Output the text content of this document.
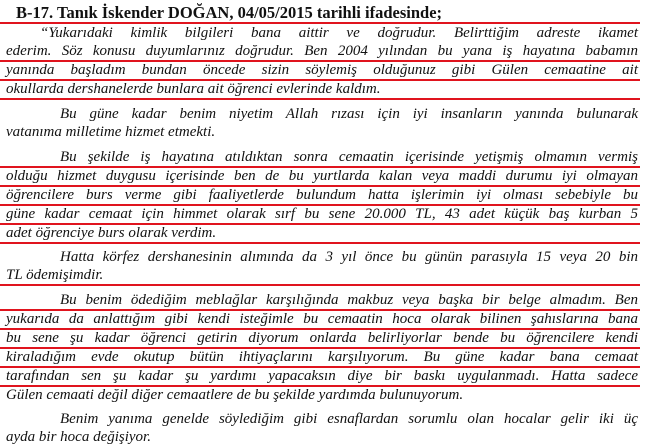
B-17. Tanık İskender DOĞAN, 04/05/2015 tarihli ifadesinde;

“Yukarıdaki kimlik bilgileri bana aittir ve doğrudur. Belirttiğim adreste ikamet

ederim. Söz konusu duyumlarınız doğrudur. Ben 2004 yılından bu yana iş hayatına babamın

yanında başladım bundan öncede sizin söylemiş olduğunuz gibi Gülen cemaatine ait

okullarda dershanelerde bunlara ait öğrenci evlerinde kaldım.

Bu güne kadar benim niyetim Allah rızası için iyi insanların yanında bulunarak

vatanıma milletime hizmet etmekti.

Bu şekilde iş hayatına atıldıktan sonra cemaatin içerisinde yetişmiş olmamın vermiş

olduğu hizmet duygusu içerisinde ben de bu yurtlarda kalan veya maddi durumu iyi olmayan

öğrencilere burs verme gibi faaliyetlerde bulundum hatta işlerimin iyi olması sebebiyle bu

güne kadar cemaat için himmet olarak sırf bu sene 20.000 TL, 43 adet küçük baş kurban 5

adet öğrenciye burs olarak verdim.

Hatta körfez dershanesinin alımında da 3 yıl önce bu günün parasıyla 15 veya 20 bin

TL ödemişimdir.

Bu benim ödediğim meblağlar karşılığında makbuz veya başka bir belge almadım. Ben

yukarıda da anlattığım gibi kendi isteğimle bu cemaatin hoca olarak bilinen şahıslarına bana

bu sene şu kadar öğrenci getirin diyorum onlarda belirliyorlar bende bu öğrencilere kendi

kiraladığım evde okutup bütün ihtiyaçlarını karşılıyorum. Bu güne kadar bana cemaat

tarafından sen şu kadar şu yardımı yapacaksın diye bir baskı uygulanmadı. Hatta sadece

Gülen cemaati değil diğer cemaatlere de bu şekilde yardımda bulunuyorum.

Benim yanıma genelde söylediğim gibi esnaflardan sorumlu olan hocalar gelir iki üç

ayda bir hoca değişiyor.
